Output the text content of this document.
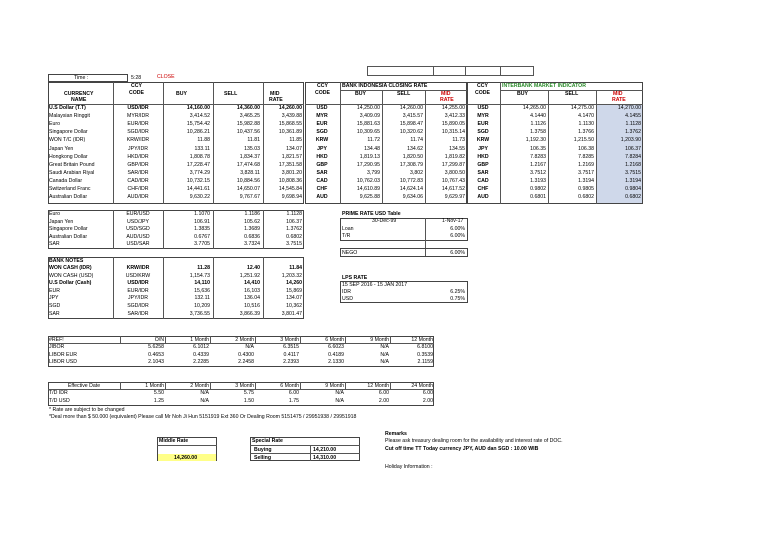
Time :	5:28	CLOSE
CURRENCY
NAME
CCY
CODE	BUY	SELL	MID
RATE
U.S Dollar (T.T)	USD/IDR	14,160.00	14,360.00	14,260.00
Malaysian Ringgit	MYR/IDR	3,414.52	3,465.25	3,439.88
Euro	EUR/IDR	15,754.42	15,982.88	15,868.55
Singapore Dollar	SGD/IDR	10,286.21	10,437.56	10,361.89
WON T/C (IDR)	KRW/IDR	11.88	11.81	11.85
Japan Yen	JPY/IDR	133.11	135.03	134.07
Hongkong Dollar	HKD/IDR	1,808.78	1,834.37	1,821.57
Great Britain Pound	GBP/IDR	17,228.47	17,474.68	17,351.58
Saudi Arabian Riyal	SAR/IDR	3,774.29	3,828.11	3,801.20
Canada Dollar	CAD/IDR	10,732.15	10,884.56	10,808.36
Switzerland Franc	CHF/IDR	14,441.61	14,650.07	14,545.84
Australian Dollar	AUD/IDR	9,630.22	9,767.67	9,698.94
CCY
CODE
BANK INDONESIA CLOSING RATE
BUY	SELL	MID
RATE
USD	14,250.00	14,260.00	14,255.00
MYR	3,409.09	3,415.57	3,412.33
EUR	15,881.63	15,898.47	15,890.05
SGD	10,309.65	10,320.62	10,315.14
KRW	11.72	11.74	11.73
JPY	134.48	134.62	134.55
HKD	1,819.13	1,820.50	1,819.82
GBP	17,290.95	17,308.79	17,299.87
SAR	3,799	3,802	3,800.50
CAD	10,762.03	10,772.83	10,767.43
CHF	14,610.89	14,624.14	14,617.52
AUD	9,625.88	9,634.06	9,629.97
CCY
CODE
INTERBANK MARKET INDICATOR
BUY	SELL	MID
RATE
USD	14,265.00	14,275.00	14,270.00
MYR	4.1440	4.1470	4.1455
EUR	1.1126	1.1130	1.1128
SGD	1.3758	1.3766	1.3762
KRW	1,192.30	1,215.50	1,203.90
JPY	106.35	106.38	106.37
HKD	7.8283	7.8285	7.8284
GBP	1.2167	1.2169	1.2168
SAR	3.7512	3.7517	3.7515
CAD	1.3193	1.3194	1.3194
CHF	0.9802	0.9805	0.9804
AUD	0.6801	0.6802	0.6802
Euro	EUR/USD	1.1070	1.1186	1.1128
Japan Yen	USD/JPY	106.91	105.62	106.37
Singapore Dollar	USD/SGD	1.3835	1.3689	1.3762
Australian Dollar	AUD/USD	0.6767	0.6836	0.6802
SAR	USD/SAR	3.7705	3.7324	3.7515
PRIME RATE USD Table
30-Dec-99	1-Nov-17
Loan	6.00%
T/R	6.00%
NEGO	6.00%
BANK NOTES
WON CASH (IDR)	KRW/IDR	11.28	12.40	11.84
WON CASH (USD)	USD/KRW	1,154.73	1,251.92	1,203.32
U.S Dollar (Cash)	USD/IDR	14,110	14,410	14,260
EUR	EUR/IDR	15,636	16,103	15,869
JPY	JPY/IDR	132.11	136.04	134.07
SGD	SGD/IDR	10,209	10,516	10,362
SAR	SAR/IDR	3,736.55	3,866.39	3,801.47
LPS RATE
15 SEP 2016 - 15 JAN 2017
IDR	6.25%
USD	0.75%
#REF!	O/N	1 Month	2 Month	3 Month	6 Month	9 Month	12 Month
JIBOR	5.6258	6.1012	N/A	6.3515	6.6023	N/A	6.8100
LIBOR EUR	0.4653	0.4339	0.4300	0.4117	0.4189	N/A	0.3539
LIBOR USD	2.1043	2.2285	2.2458	2.2393	2.1330	N/A	2.1159
Effective Date	1 Month	2 Month	3 Month	6 Month	9 Month	12 Month	24 Month
T/D IDR	5.50	N/A	5.75	6.00	N/A	6.00	6.00
T/D USD	1.25	N/A	1.50	1.75	N/A	2.00	2.00
* Rate are subject to be changed
*Deal more than $ 50.000 (equivalent) Please call Mr Noh Ji Hun 5151919 Ext 360 Or Dealing Room 5151475 / 29951938 / 29951918
Middle Rate
14,260.00
Special Rate
Buying	14,210.00
Selling	14,310.00
Remarks
Please ask treasury dealing room for the availability and interest rate of DOC.
Cut off time TT Today currency JPY, AUD dan SGD : 10.00 WIB
Holiday Information :
